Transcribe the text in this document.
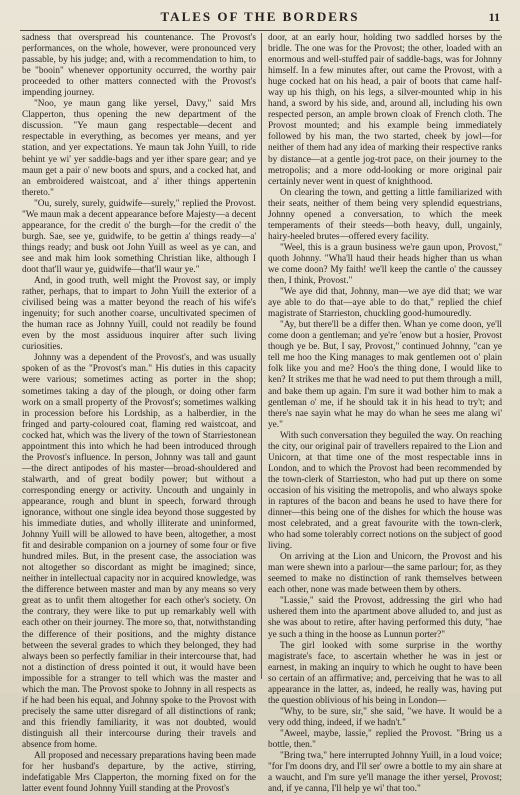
TALES OF THE BORDERS	11

sadness that overspread his countenance. The Provost's performances, on the whole, however, were pronounced very passable, by his judge; and, with a recommendation to him, to be "booin" whenever opportunity occurred, the worthy pair proceeded to other matters connected with the Provost's impending journey.

"Noo, ye maun gang like yersel, Davy," said Mrs Clapperton, thus opening the new department of the discussion. "Ye maun gang respectable—decent and respectable in everything, as becomes yer means, and yer station, and yer expectations. Ye maun tak John Yuill, to ride behint ye wi' yer saddle-bags and yer ither spare gear; and ye maun get a pair o' new boots and spurs, and a cocked hat, and an embroidered waistcoat, and a' ither things appertenin thereto."

"Ou, surely, surely, guidwife—surely," replied the Provost. "We maun mak a decent appearance before Majesty—a decent appearance, for the credit o' the burgh—for the credit o' the burgh. Sae, see ye, guidwife, to be gettin a' things ready—a' things ready; and busk oot John Yuill as weel as ye can, and see and mak him look something Christian like, although I doot that'll waur ye, guidwife—that'll waur ye."

And, in good truth, well might the Provost say, or imply rather, perhaps, that to impart to John Yuill the exterior of a civilised being was a matter beyond the reach of his wife's ingenuity; for such another coarse, uncultivated specimen of the human race as Johnny Yuill, could not readily be found even by the most assiduous inquirer after such living curiosities.

Johnny was a dependent of the Provost's, and was usually spoken of as the "Provost's man." His duties in this capacity were various; sometimes acting as porter in the shop; sometimes taking a day of the plough, or doing other farm work on a small property of the Provost's; sometimes walking in procession before his Lordship, as a halberdier, in the fringed and party-coloured coat, flaming red waistcoat, and cocked hat, which was the livery of the town of Starriestonean appointment this into which he had been introduced through the Provost's influence. In person, Johnny was tall and gaunt—the direct antipodes of his master—broad-shouldered and stalwarth, and of great bodily power; but without a corresponding energy or activity. Uncouth and ungainly in appearance, rough and blunt in speech, forward through ignorance, without one single idea beyond those suggested by his immediate duties, and wholly illiterate and uninformed, Johnny Yuill will be allowed to have been, altogether, a most fit and desirable companion on a journey of some four or five hundred miles. But, in the present case, the association was not altogether so discordant as might be imagined; since, neither in intellectual capacity nor in acquired knowledge, was the difference between master and man by any means so very great as to unfit them altogether for each other's society. On the contrary, they were like to put up remarkably well with each other on their journey. The more so, that, notwithstanding the difference of their positions, and the mighty distance between the several grades to which they belonged, they had always been so perfectly familiar in their intercourse that, had not a distinction of dress pointed it out, it would have been impossible for a stranger to tell which was the master and which the man. The Provost spoke to Johnny in all respects as if he had been his equal, and Johnny spoke to the Provost with precisely the same utter disregard of all distinctions of rank; and this friendly familiarity, it was not doubted, would distinguish all their intercourse during their travels and absence from home.

All proposed and necessary preparations having been made for her husband's departure, by the active, stirring, indefatigable Mrs Clapperton, the morning fixed on for the latter event found Johnny Yuill standing at the Provost's

door, at an early hour, holding two saddled horses by the bridle. The one was for the Provost; the other, loaded with an enormous and well-stuffed pair of saddle-bags, was for Johnny himself. In a few minutes after, out came the Provost, with a huge cocked hat on his head, a pair of boots that came half-way up his thigh, on his legs, a silver-mounted whip in his hand, a sword by his side, and, around all, including his own respected person, an ample brown cloak of French cloth. The Provost mounted; and his example being immediately followed by his man, the two started, cheek by jowl—for neither of them had any idea of marking their respective ranks by distance—at a gentle jog-trot pace, on their journey to the metropolis; and a more odd-looking or more original pair certainly never went in quest of knighthood.

On clearing the town, and getting a little familiarized with their seats, neither of them being very splendid equestrians, Johnny opened a conversation, to which the meek temperaments of their steeds—both heavy, dull, ungainly, hairy-heeled brutes—offered every facility.

"Weel, this is a graun business we're gaun upon, Provost," quoth Johnny. "Wha'll haud their heads higher than us whan we come doon? My faith! we'll keep the cantle o' the caussey then, I think, Provost."

"We aye did that, Johnny, man—we aye did that; we war aye able to do that—aye able to do that," replied the chief magistrate of Starrieston, chuckling good-humouredly.

"Ay, but there'll be a differ then. Whan ye come doon, ye'll come doon a gentleman; and ye're 'enow but a hosier, Provost though ye be. But, I say, Provost," continued Johnny, "can ye tell me hoo the King manages to mak gentlemen oot o' plain folk like you and me? Hoo's the thing done, I would like to ken? It strikes me that he wad need to put them through a mill, and bake them up again. I'm sure it wad bother him to mak a gentleman o' me, if he should tak it in his head to try't; and there's nae sayin what he may do whan he sees me alang wi' ye."

With such conversation they beguiled the way. On reaching the city, our original pair of travellers repaired to the Lion and Unicorn, at that time one of the most respectable inns in London, and to which the Provost had been recommended by the town-clerk of Starrieston, who had put up there on some occasion of his visiting the metropolis, and who always spoke in raptures of the bacon and beans he used to have there for dinner—this being one of the dishes for which the house was most celebrated, and a great favourite with the town-clerk, who had some tolerably correct notions on the subject of good living.

On arriving at the Lion and Unicorn, the Provost and his man were shewn into a parlour—the same parlour; for, as they seemed to make no distinction of rank themselves between each other, none was made between them by others.

"Lassie," said the Provost, addressing the girl who had ushered them into the apartment above alluded to, and just as she was about to retire, after having performed this duty, "hae ye such a thing in the hoose as Lunnun porter?"

The girl looked with some surprise in the worthy magistrate's face, to ascertain whether he was in jest or earnest, in making an inquiry to which he ought to have been so certain of an affirmative; and, perceiving that he was to all appearance in the latter, as, indeed, he really was, having put the question oblivious of his being in London—

"Why, to be sure, sir," she said, "we have. It would be a very odd thing, indeed, if we hadn't."

"Aweel, maybe, lassie," replied the Provost. "Bring us a bottle, then."

"Bring twa," here interrupted Johnny Yuill, in a loud voice; "for I'm doons dry, and I'll ser' owre a bottle to my ain share at a waucht, and I'm sure ye'll manage the ither yersel, Provost; and, if ye canna, I'll help ye wi' that too."
